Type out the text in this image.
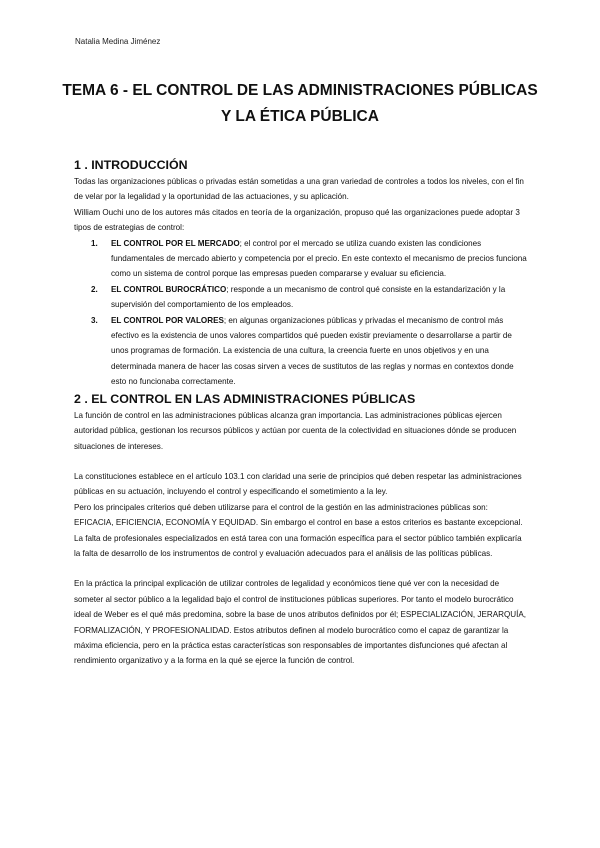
Natalia Medina Jiménez
TEMA 6 - EL CONTROL DE LAS ADMINISTRACIONES PÚBLICAS Y LA ÉTICA PÚBLICA
1 . INTRODUCCIÓN

Todas las organizaciones públicas o privadas están sometidas a una gran variedad de controles a todos los niveles, con el fin de velar por la legalidad y la oportunidad de las actuaciones, y su aplicación.

William Ouchi uno de los autores más citados en teoría de la organización, propuso qué las organizaciones puede adoptar 3 tipos de estrategias de control:

1. EL CONTROL POR EL MERCADO; el control por el mercado se utiliza cuando existen las condiciones fundamentales de mercado abierto y competencia por el precio. En este contexto el mecanismo de precios funciona como un sistema de control porque las empresas pueden compararse y evaluar su eficiencia.
2. EL CONTROL BUROCRÁTICO; responde a un mecanismo de control qué consiste en la estandarización y la supervisión del comportamiento de los empleados.
3. EL CONTROL POR VALORES; en algunas organizaciones públicas y privadas el mecanismo de control más efectivo es la existencia de unos valores compartidos qué pueden existir previamente o desarrollarse a partir de unos programas de formación. La existencia de una cultura, la creencia fuerte en unos objetivos y en una determinada manera de hacer las cosas sirven a veces de sustitutos de las reglas y normas en contextos donde esto no funcionaba correctamente.
2 . EL CONTROL EN LAS ADMINISTRACIONES PÚBLICAS

La función de control en las administraciones públicas alcanza gran importancia. Las administraciones públicas ejercen autoridad pública, gestionan los recursos públicos y actúan por cuenta de la colectividad en situaciones dónde se producen situaciones de intereses.

La constituciones establece en el artículo 103.1 con claridad una serie de principios qué deben respetar las administraciones públicas en su actuación, incluyendo el control y especificando el sometimiento a la ley.

Pero los principales criterios qué deben utilizarse para el control de la gestión en las administraciones públicas son: EFICACIA, EFICIENCIA, ECONOMÍA Y EQUIDAD. Sin embargo el control en base a estos criterios es bastante excepcional. La falta de profesionales especializados en está tarea con una formación específica para el sector público también explicaría la falta de desarrollo de los instrumentos de control y evaluación adecuados para el análisis de las políticas públicas.

En la práctica la principal explicación de utilizar controles de legalidad y económicos tiene qué ver con la necesidad de someter al sector público a la legalidad bajo el control de instituciones públicas superiores. Por tanto el modelo burocrático ideal de Weber es el qué más predomina, sobre la base de unos atributos definidos por él; ESPECIALIZACIÓN, JERARQUÍA, FORMALIZACIÓN, Y PROFESIONALIDAD. Estos atributos definen al modelo burocrático como el capaz de garantizar la máxima eficiencia, pero en la práctica estas características son responsables de importantes disfunciones qué afectan al rendimiento organizativo y a la forma en la qué se ejerce la función de control.
